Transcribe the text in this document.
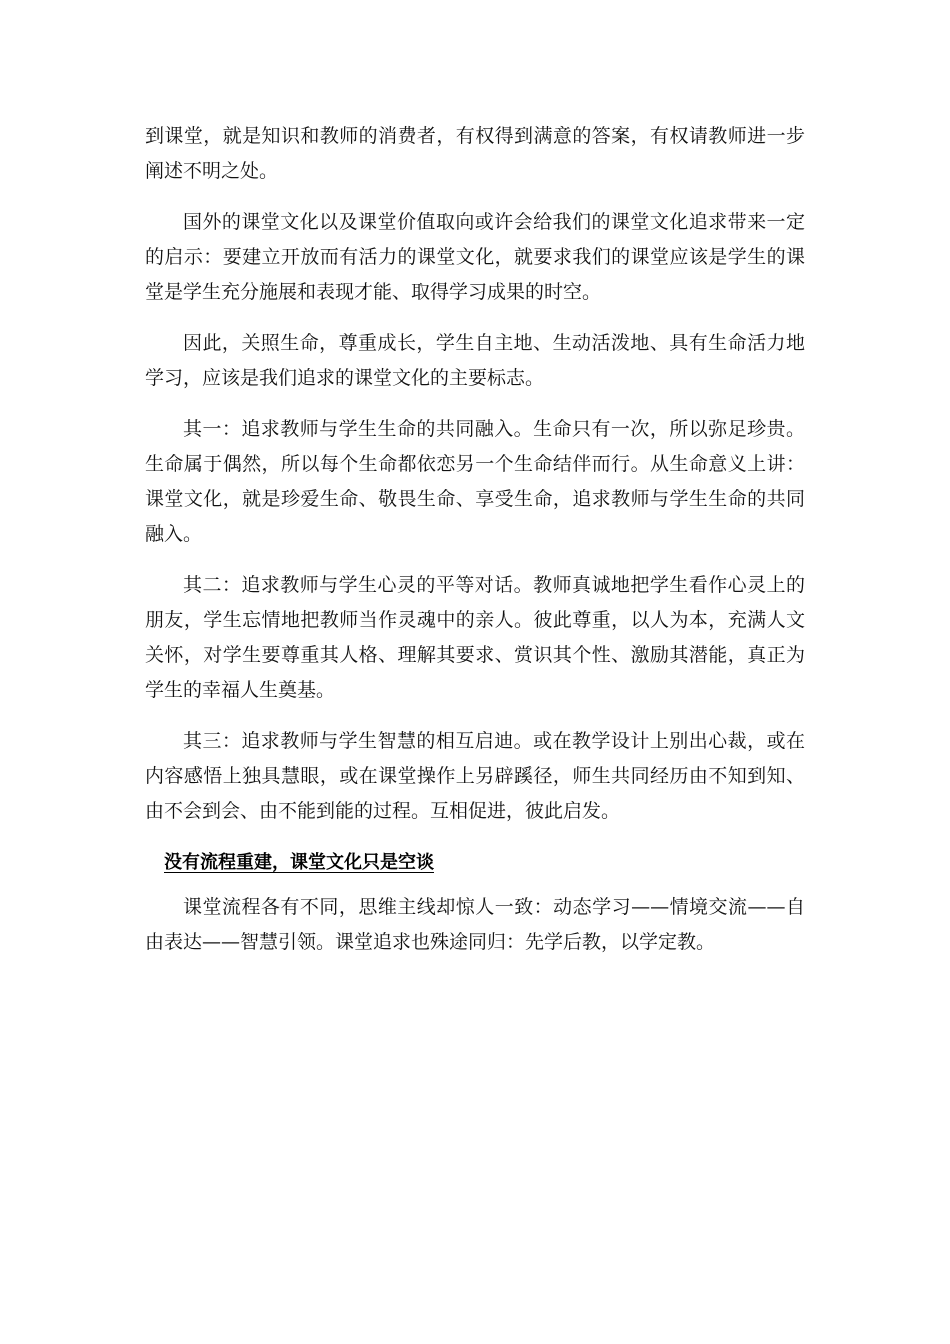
到课堂，就是知识和教师的消费者，有权得到满意的答案，有权请教师进一步阐述不明之处。

国外的课堂文化以及课堂价值取向或许会给我们的课堂文化追求带来一定的启示：要建立开放而有活力的课堂文化，就要求我们的课堂应该是学生的课堂是学生充分施展和表现才能、取得学习成果的时空。

因此，关照生命，尊重成长，学生自主地、生动活泼地、具有生命活力地学习，应该是我们追求的课堂文化的主要标志。

其一：追求教师与学生生命的共同融入。生命只有一次，所以弥足珍贵。生命属于偶然，所以每个生命都依恋另一个生命结伴而行。从生命意义上讲：课堂文化，就是珍爱生命、敬畏生命、享受生命，追求教师与学生生命的共同融入。

其二：追求教师与学生心灵的平等对话。教师真诚地把学生看作心灵上的朋友，学生忘情地把教师当作灵魂中的亲人。彼此尊重，以人为本，充满人文关怀，对学生要尊重其人格、理解其要求、赏识其个性、激励其潜能，真正为学生的幸福人生奠基。

其三：追求教师与学生智慧的相互启迪。或在教学设计上别出心裁，或在内容感悟上独具慧眼，或在课堂操作上另辟蹊径，师生共同经历由不知到知、由不会到会、由不能到能的过程。互相促进，彼此启发。

没有流程重建，课堂文化只是空谈

课堂流程各有不同，思维主线却惊人一致：动态学习——情境交流——自由表达——智慧引领。课堂追求也殊途同归：先学后教，以学定教。
